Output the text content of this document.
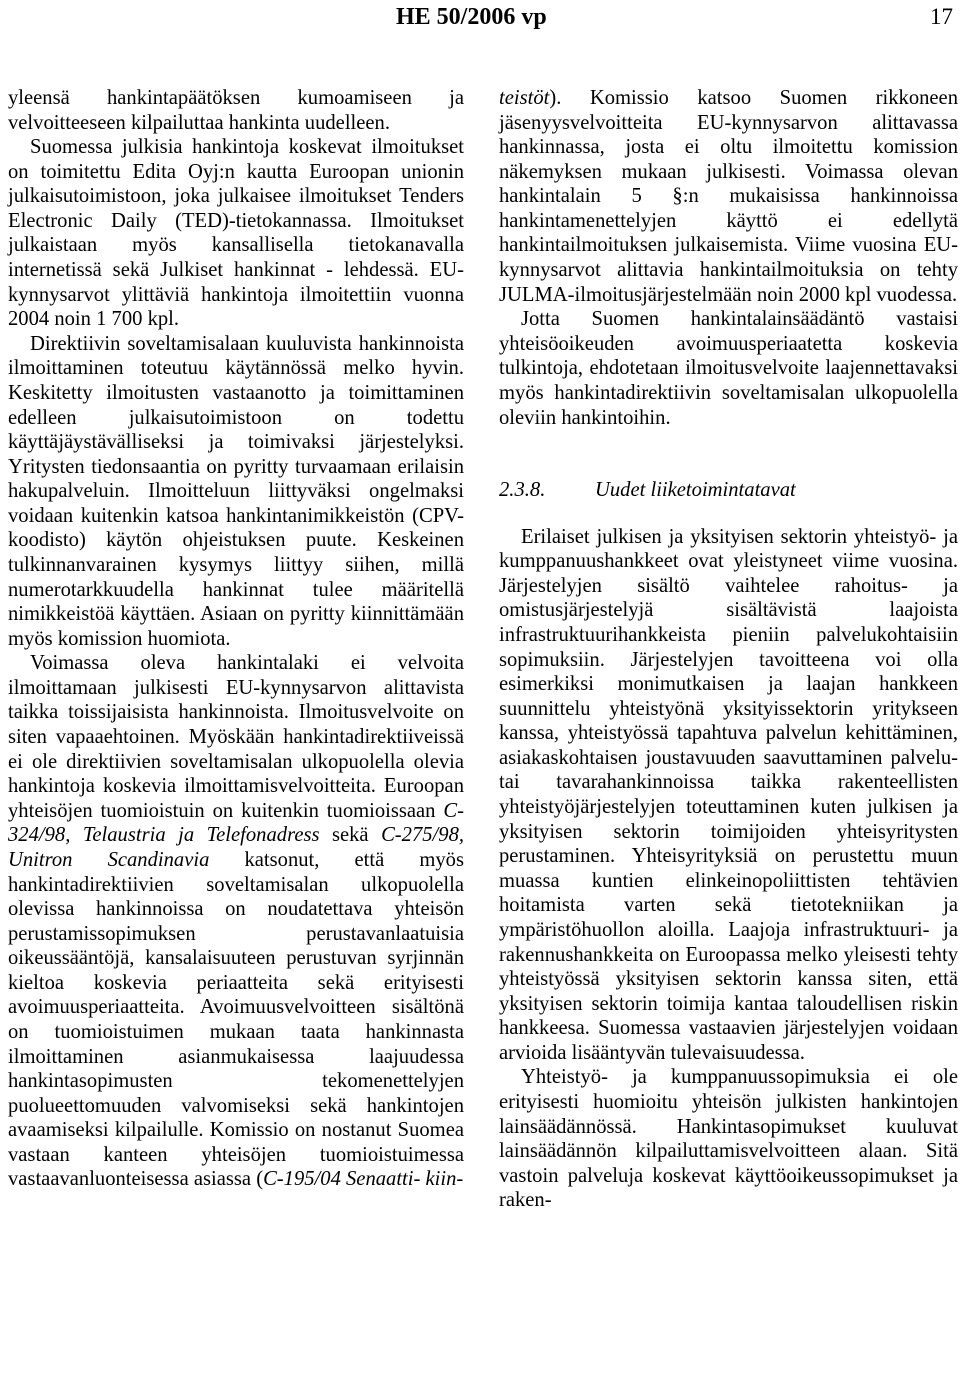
HE 50/2006 vp	17

yleensä hankintapäätöksen kumoamiseen ja velvoitteeseen kilpailuttaa hankinta uudelleen.

Suomessa julkisia hankintoja koskevat ilmoitukset on toimitettu Edita Oyj:n kautta Euroopan unionin julkaisutoimistoon, joka julkaisee ilmoitukset Tenders Electronic Daily (TED)-tietokannassa. Ilmoitukset julkaistaan myös kansallisella tietokanavalla internetissä sekä Julkiset hankinnat - lehdessä. EU-kynnysarvot ylittäviä hankintoja ilmoitettiin vuonna 2004 noin 1 700 kpl.

Direktiivin soveltamisalaan kuuluvista hankinnoista ilmoittaminen toteutuu käytännössä melko hyvin. Keskitetty ilmoitusten vastaanotto ja toimittaminen edelleen julkaisutoimistoon on todettu käyttäjäystävälliseksi ja toimivaksi järjestelyksi. Yritysten tiedonsaantia on pyritty turvaamaan erilaisin hakupalveluin. Ilmoitteluun liittyväksi ongelmaksi voidaan kuitenkin katsoa hankintanimikkeistön (CPV-koodisto) käytön ohjeistuksen puute. Keskeinen tulkinnanvarainen kysymys liittyy siihen, millä numerotarkkuudella hankinnat tulee määritellä nimikkeistöä käyttäen. Asiaan on pyritty kiinnittämään myös komission huomiota.

Voimassa oleva hankintalaki ei velvoita ilmoittamaan julkisesti EU-kynnysarvon alittavista taikka toissijaisista hankinnoista. Ilmoitusvelvoite on siten vapaaehtoinen. Myöskään hankintadirektiiveissä ei ole direktiivien soveltamisalan ulkopuolella olevia hankintoja koskevia ilmoittamisvelvoitteita. Euroopan yhteisöjen tuomioistuin on kuitenkin tuomioissaan C-324/98, Telaustria ja Telefonadress sekä C-275/98, Unitron Scandinavia katsonut, että myös hankintadirektiivien soveltamisalan ulkopuolella olevissa hankinnoissa on noudatettava yhteisön perustamissopimuksen perustavanlaatuisia oikeussääntöjä, kansalaisuuteen perustuvan syrjinnän kieltoa koskevia periaatteita sekä erityisesti avoimuusperiaatteita. Avoimuusvelvoitteen sisältönä on tuomioistuimen mukaan taata hankinnasta ilmoittaminen asianmukaisessa laajuudessa hankintasopimusten tekomenettelyjen puolueettomuuden valvomiseksi sekä hankintojen avaamiseksi kilpailulle. Komissio on nostanut Suomea vastaan kanteen yhteisöjen tuomioistuimessa vastaavanluonteisessa asiassa (C-195/04 Senaatti- kiin-

teistöt). Komissio katsoo Suomen rikkoneen jäsenyysvelvoitteita EU-kynnysarvon alittavassa hankinnassa, josta ei oltu ilmoitettu komission näkemyksen mukaan julkisesti. Voimassa olevan hankintalain 5 §:n mukaisissa hankinnoissa hankintamenettelyjen käyttö ei edellytä hankintailmoituksen julkaisemista. Viime vuosina EU-kynnysarvot alittavia hankintailmoituksia on tehty JULMA-ilmoitusjärjestelmään noin 2000 kpl vuodessa.

Jotta Suomen hankintalainsäädäntö vastaisi yhteisöoikeuden avoimuusperiaatetta koskevia tulkintoja, ehdotetaan ilmoitusvelvoite laajennettavaksi myös hankintadirektiivin soveltamisalan ulkopuolella oleviin hankintoihin.

2.3.8. Uudet liiketoimintatavat

Erilaiset julkisen ja yksityisen sektorin yhteistyö- ja kumppanuushankkeet ovat yleistyneet viime vuosina. Järjestelyjen sisältö vaihtelee rahoitus- ja omistusjärjestelyjä sisältävistä laajoista infrastruktuurihankkeista pieniin palvelukohtaisiin sopimuksiin. Järjestelyjen tavoitteena voi olla esimerkiksi monimutkaisen ja laajan hankkeen suunnittelu yhteistyönä yksityissektorin yritykseen kanssa, yhteistyössä tapahtuva palvelun kehittäminen, asiakaskohtaisen joustavuuden saavuttaminen palvelu- tai tavarahankinnoissa taikka rakenteellisten yhteistyöjärjestelyjen toteuttaminen kuten julkisen ja yksityisen sektorin toimijoiden yhteisyritysten perustaminen. Yhteisyrityksiä on perustettu muun muassa kuntien elinkeinopoliittisten tehtävien hoitamista varten sekä tietotekniikan ja ympäristöhuollon aloilla. Laajoja infrastruktuuri- ja rakennushankkeita on Euroopassa melko yleisesti tehty yhteistyössä yksityisen sektorin kanssa siten, että yksityisen sektorin toimija kantaa taloudellisen riskin hankkeesa. Suomessa vastaavien järjestelyjen voidaan arvioida lisääntyvän tulevaisuudessa.

Yhteistyö- ja kumppanuussopimuksia ei ole erityisesti huomioitu yhteisön julkisten hankintojen lainsäädännössä. Hankintasopimukset kuuluvat lainsäädännön kilpailuttamisvelvoitteen alaan. Sitä vastoin palveluja koskevat käyttöoikeussopimukset ja raken-
